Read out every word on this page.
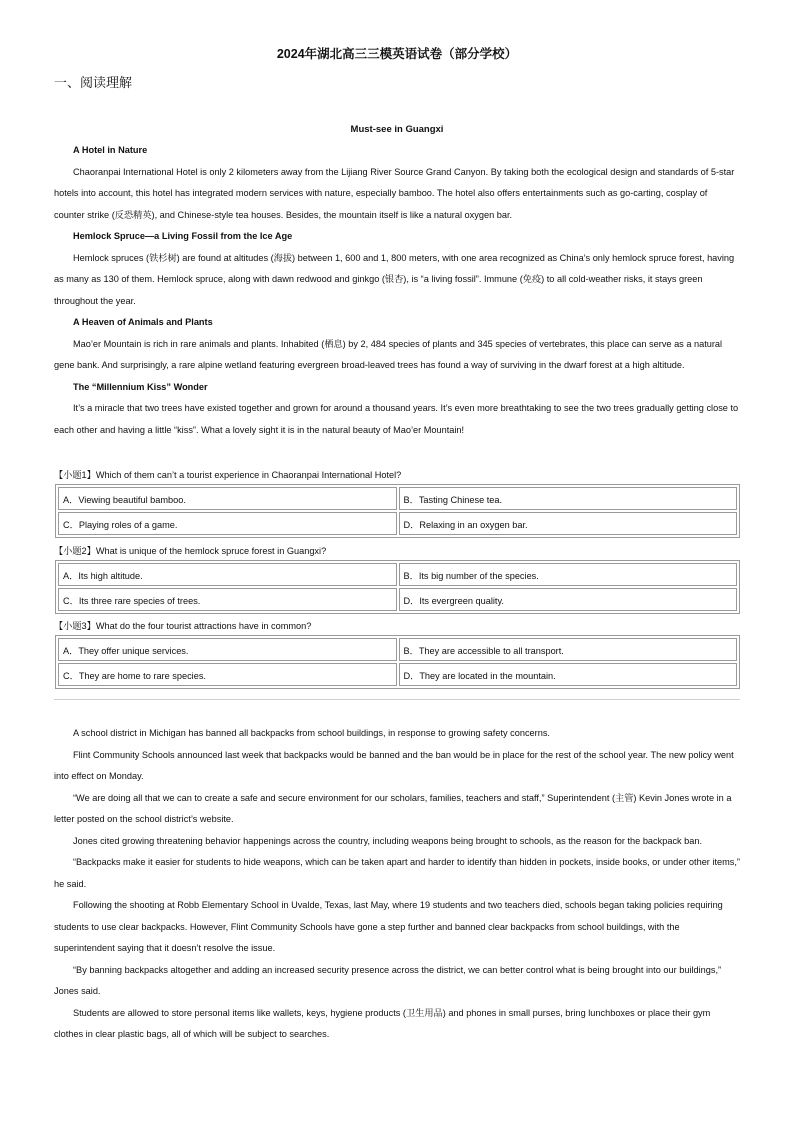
2024年湖北高三三模英语试卷（部分学校）
一、阅读理解
Must-see in Guangxi

A Hotel in Nature

Chaoranpai International Hotel is only 2 kilometers away from the Lijiang River Source Grand Canyon. By taking both the ecological design and standards of 5-star hotels into account, this hotel has integrated modern services with nature, especially bamboo. The hotel also offers entertainments such as go-carting, cosplay of counter strike (反恐精英), and Chinese-style tea houses. Besides, the mountain itself is like a natural oxygen bar.

Hemlock Spruce—a Living Fossil from the Ice Age

Hemlock spruces (铁杉树) are found at altitudes (海拔) between 1, 600 and 1, 800 meters, with one area recognized as China’s only hemlock spruce forest, having as many as 130 of them. Hemlock spruce, along with dawn redwood and ginkgo (银杏), is “a living fossil”. Immune (免疫) to all cold-weather risks, it stays green throughout the year.

A Heaven of Animals and Plants

Mao’er Mountain is rich in rare animals and plants. Inhabited (栖息) by 2, 484 species of plants and 345 species of vertebrates, this place can serve as a natural gene bank. And surprisingly, a rare alpine wetland featuring evergreen broad-leaved trees has found a way of surviving in the dwarf forest at a high altitude.

The “Millennium Kiss” Wonder

It’s a miracle that two trees have existed together and grown for around a thousand years. It’s even more breathtaking to see the two trees gradually getting close to each other and having a little “kiss”. What a lovely sight it is in the natural beauty of Mao’er Mountain!

【小题1】Which of them can’t a tourist experience in Chaoranpai International Hotel?
A．Viewing beautiful bamboo.	B．Tasting Chinese tea.
C．Playing roles of a game.	D．Relaxing in an oxygen bar.
【小题2】What is unique of the hemlock spruce forest in Guangxi?
A．Its high altitude.	B．Its big number of the species.
C．Its three rare species of trees.	D．Its evergreen quality.
【小题3】What do the four tourist attractions have in common?
A．They offer unique services.	B．They are accessible to all transport.
C．They are home to rare species.	D．They are located in the mountain.

A school district in Michigan has banned all backpacks from school buildings, in response to growing safety concerns.

Flint Community Schools announced last week that backpacks would be banned and the ban would be in place for the rest of the school year. The new policy went into effect on Monday.

“We are doing all that we can to create a safe and secure environment for our scholars, families, teachers and staff,” Superintendent (主管) Kevin Jones wrote in a letter posted on the school district’s website.

Jones cited growing threatening behavior happenings across the country, including weapons being brought to schools, as the reason for the backpack ban.

“Backpacks make it easier for students to hide weapons, which can be taken apart and harder to identify than hidden in pockets, inside books, or under other items,” he said.

Following the shooting at Robb Elementary School in Uvalde, Texas, last May, where 19 students and two teachers died, schools began taking policies requiring students to use clear backpacks. However, Flint Community Schools have gone a step further and banned clear backpacks from school buildings, with the superintendent saying that it doesn’t resolve the issue.

“By banning backpacks altogether and adding an increased security presence across the district, we can better control what is being brought into our buildings,” Jones said.

Students are allowed to store personal items like wallets, keys, hygiene products (卫生用品) and phones in small purses, bring lunchboxes or place their gym clothes in clear plastic bags, all of which will be subject to searches.
